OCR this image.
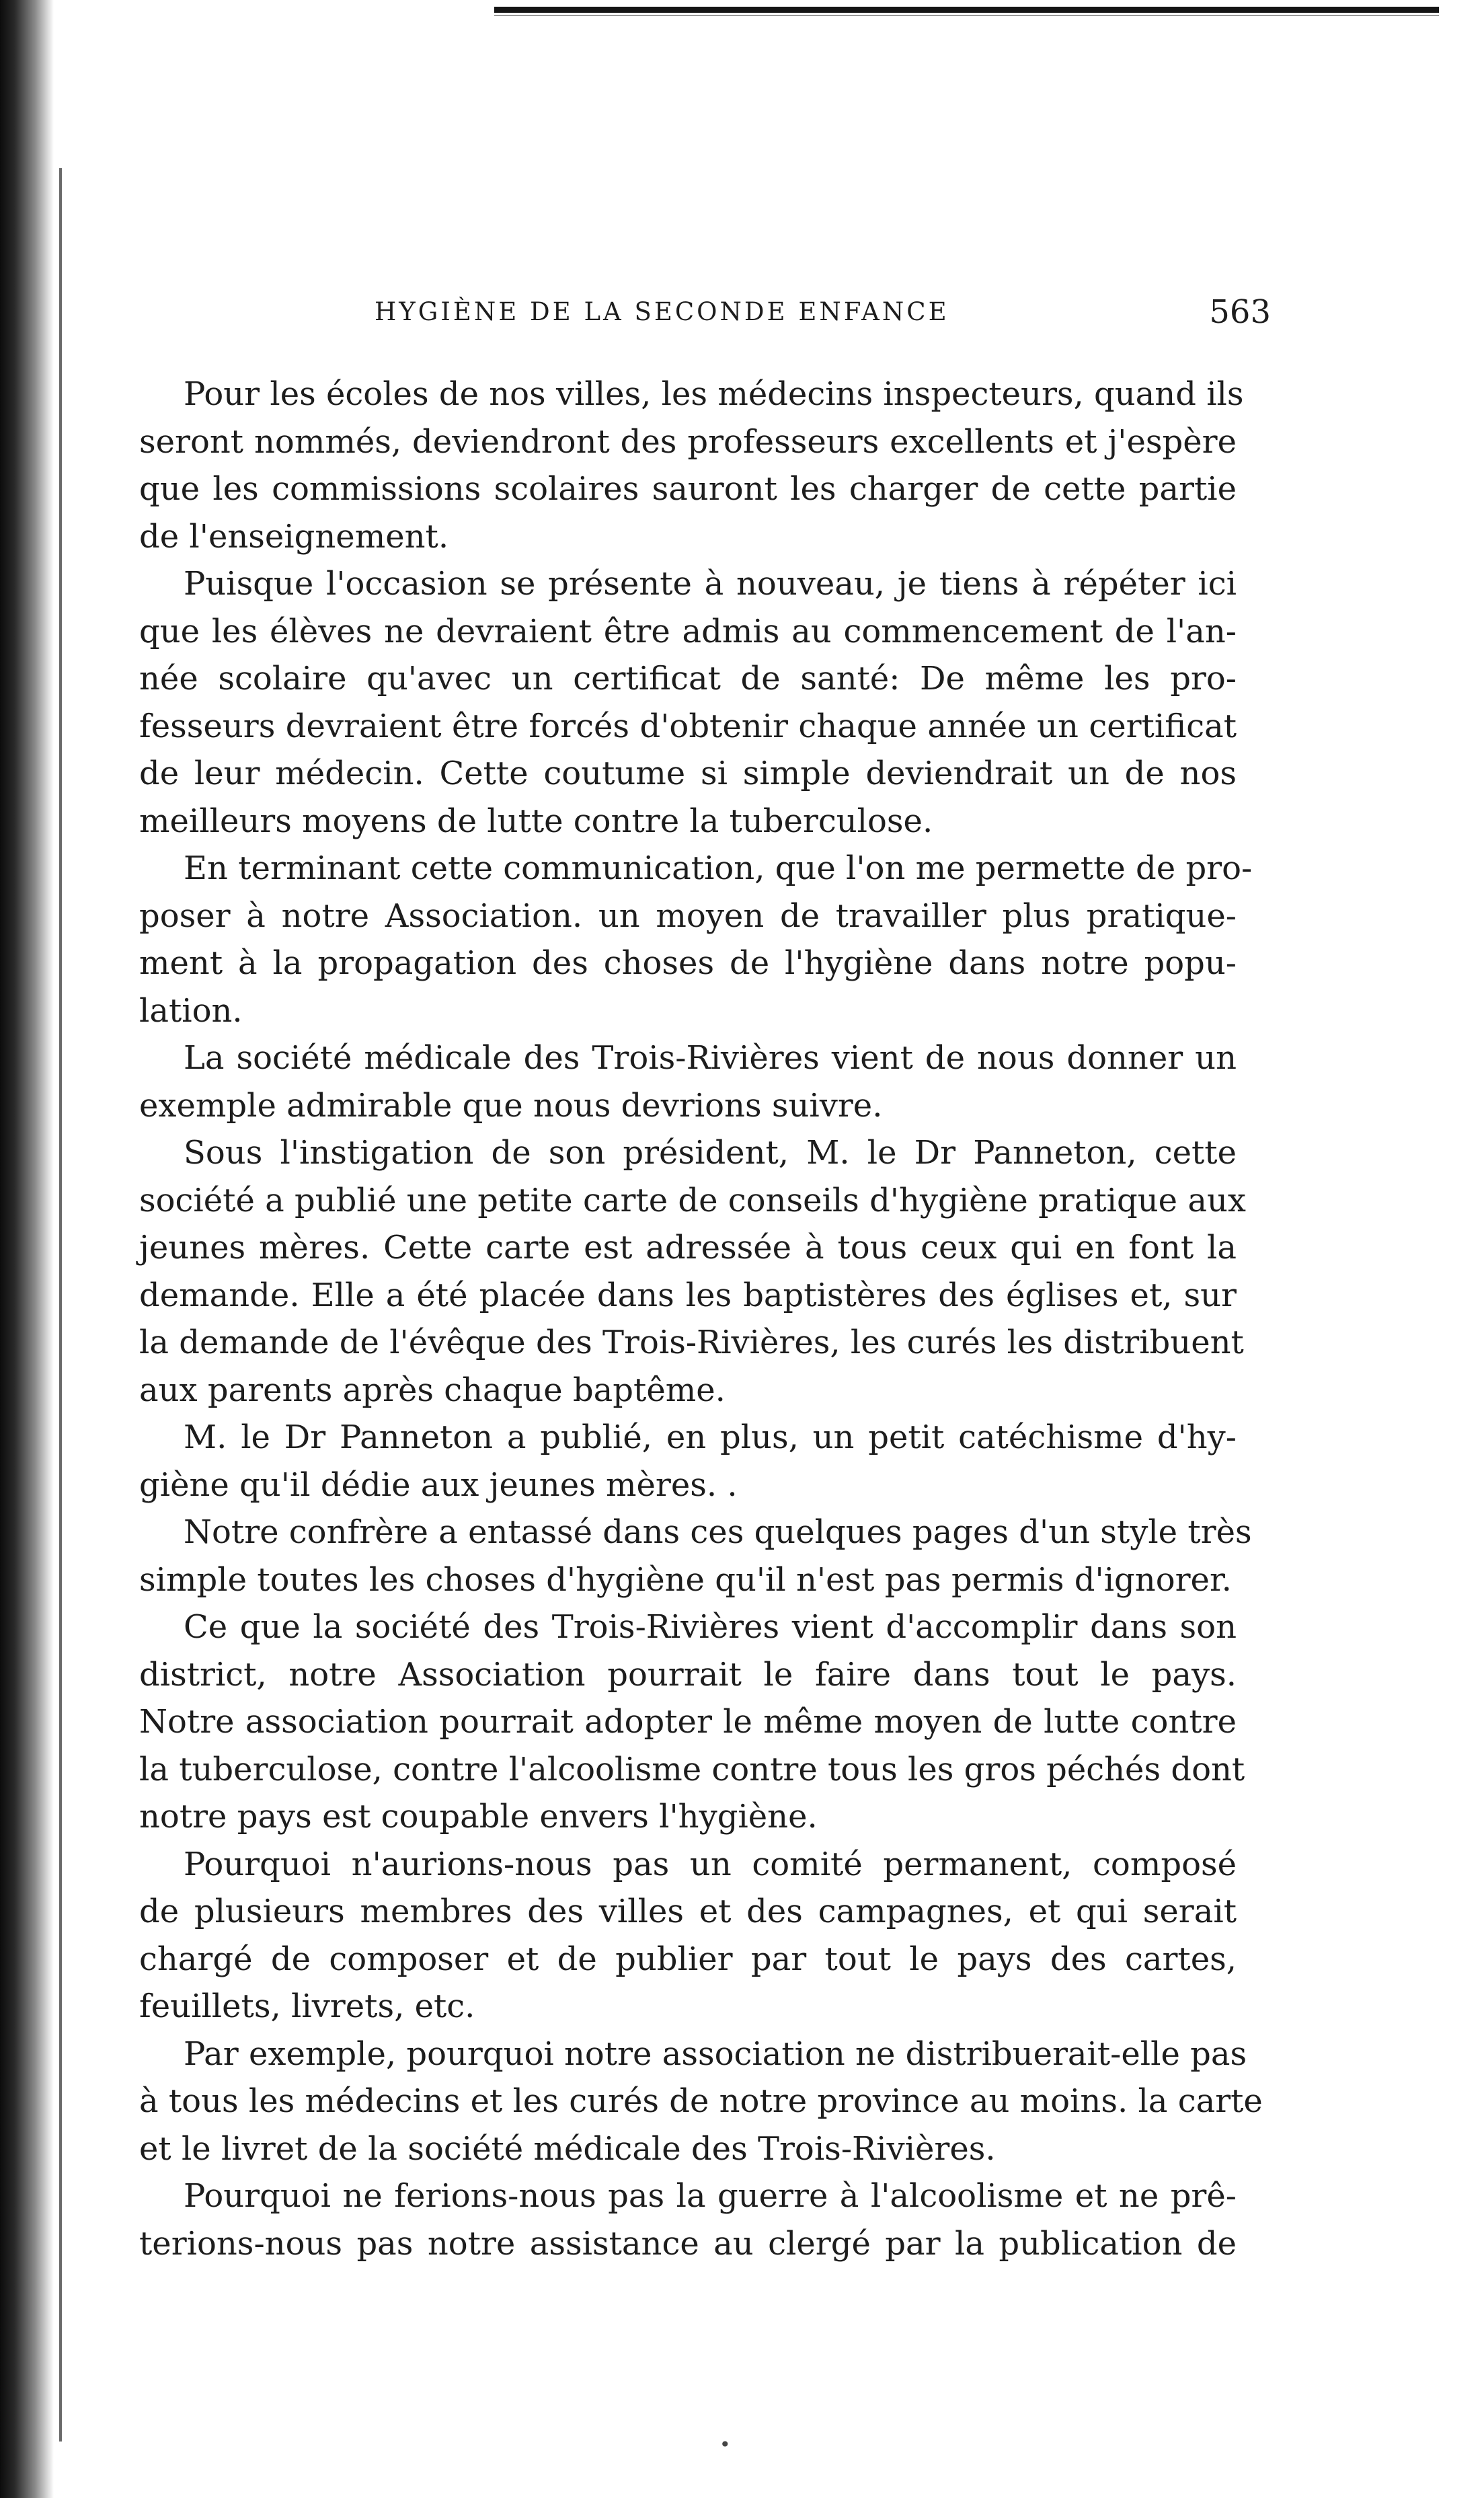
HYGIÈNE DE LA SECONDE ENFANCE	563
Pour les écoles de nos villes, les médecins inspecteurs, quand ils
seront nommés, deviendront des professeurs excellents et j'espère
que les commissions scolaires sauront les charger de cette partie
de l'enseignement.
Puisque l'occasion se présente à nouveau, je tiens à répéter ici
que les élèves ne devraient être admis au commencement de l'an-
née scolaire qu'avec un certificat de santé: De même les pro-
fesseurs devraient être forcés d'obtenir chaque année un certificat
de leur médecin. Cette coutume si simple deviendrait un de nos
meilleurs moyens de lutte contre la tuberculose.
En terminant cette communication, que l'on me permette de pro-
poser à notre Association. un moyen de travailler plus pratique-
ment à la propagation des choses de l'hygiène dans notre popu-
lation.
La société médicale des Trois-Rivières vient de nous donner un
exemple admirable que nous devrions suivre.
Sous l'instigation de son président, M. le Dr Panneton, cette
société a publié une petite carte de conseils d'hygiène pratique aux
jeunes mères. Cette carte est adressée à tous ceux qui en font la
demande. Elle a été placée dans les baptistères des églises et, sur
la demande de l'évêque des Trois-Rivières, les curés les distribuent
aux parents après chaque baptême.
M. le Dr Panneton a publié, en plus, un petit catéchisme d'hy-
giène qu'il dédie aux jeunes mères. .
Notre confrère a entassé dans ces quelques pages d'un style très
simple toutes les choses d'hygiène qu'il n'est pas permis d'ignorer.
Ce que la société des Trois-Rivières vient d'accomplir dans son
district, notre Association pourrait le faire dans tout le pays.
Notre association pourrait adopter le même moyen de lutte contre
la tuberculose, contre l'alcoolisme contre tous les gros péchés dont
notre pays est coupable envers l'hygiène.
Pourquoi n'aurions-nous pas un comité permanent, composé
de plusieurs membres des villes et des campagnes, et qui serait
chargé de composer et de publier par tout le pays des cartes,
feuillets, livrets, etc.
Par exemple, pourquoi notre association ne distribuerait-elle pas
à tous les médecins et les curés de notre province au moins. la carte
et le livret de la société médicale des Trois-Rivières.
Pourquoi ne ferions-nous pas la guerre à l'alcoolisme et ne prê-
terions-nous pas notre assistance au clergé par la publication de
•
